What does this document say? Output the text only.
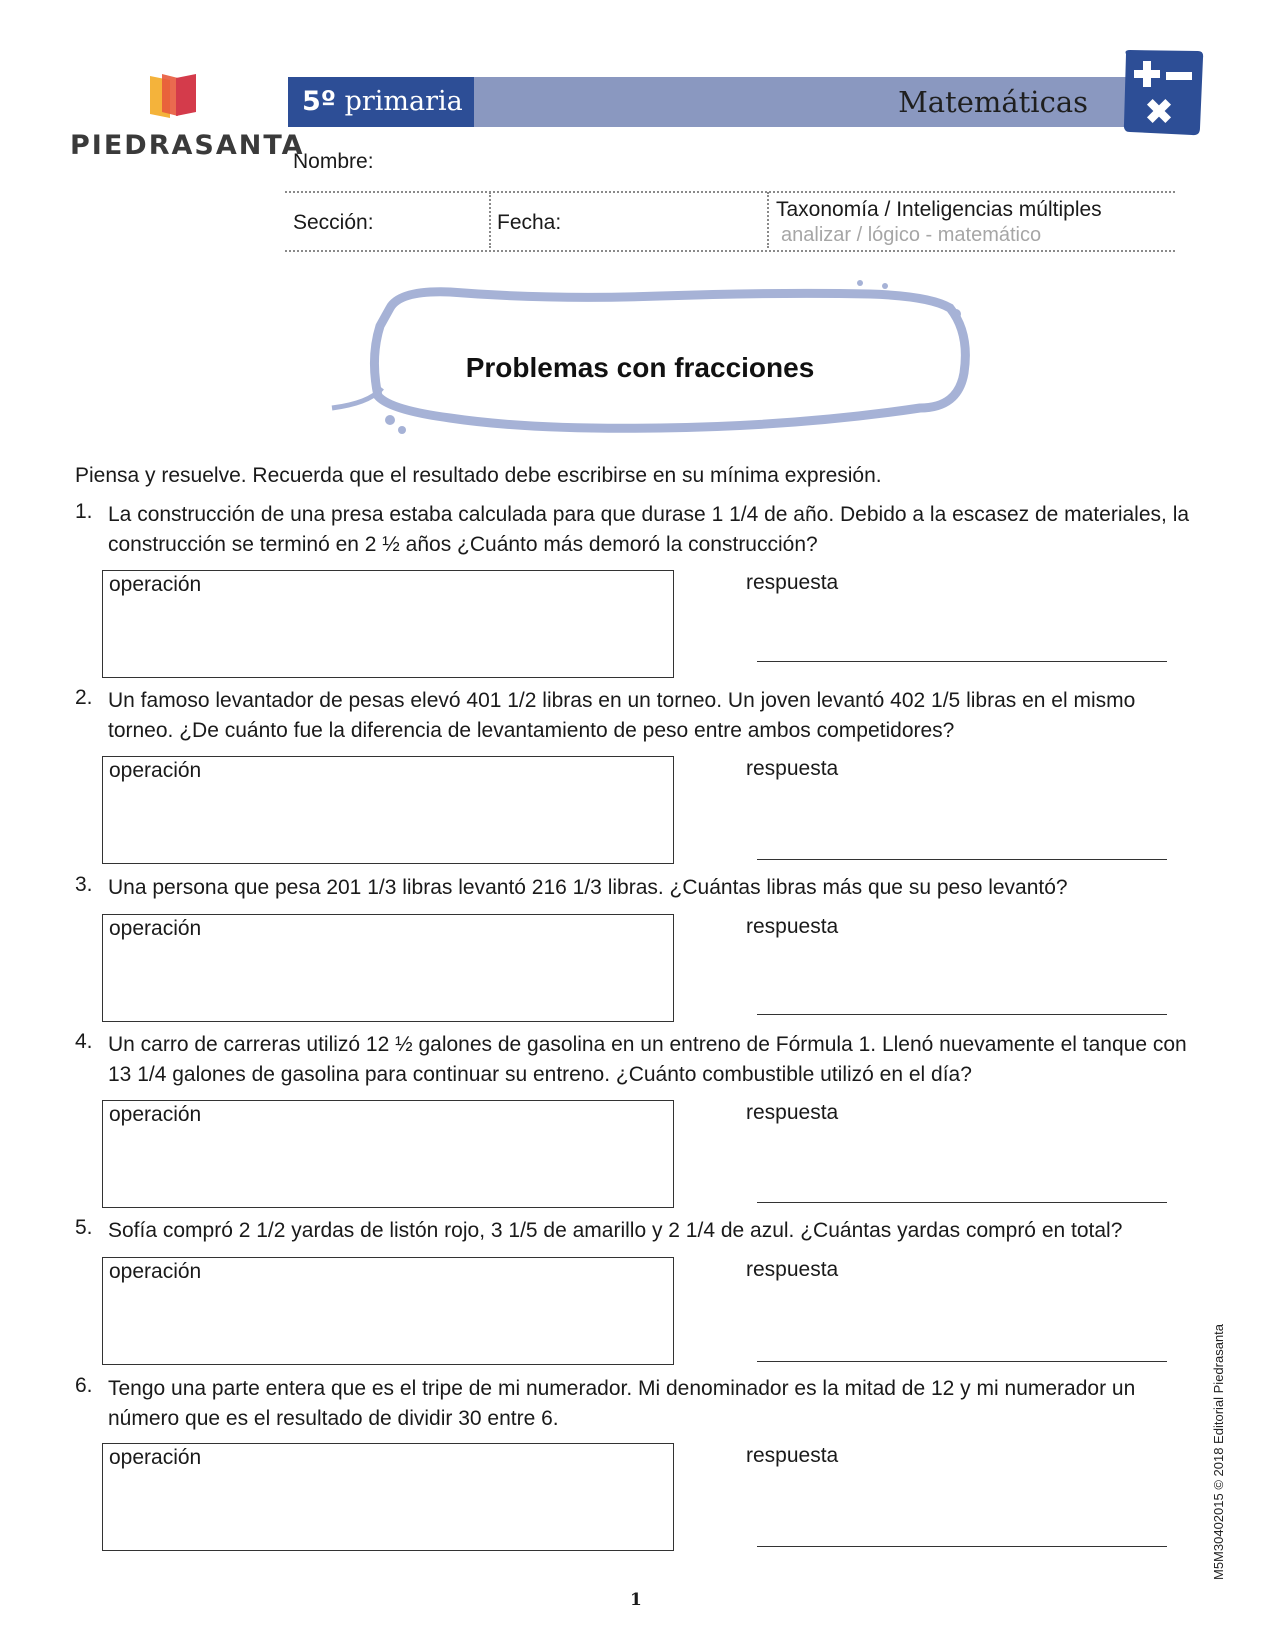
PIEDRASANTA
5º primaria	Matemáticas
Nombre:
Sección:	Fecha:
Taxonomía / Inteligencias múltiples
analizar / lógico - matemático
Problemas con fracciones
Piensa y resuelve. Recuerda que el resultado debe escribirse en su mínima expresión.
1. La construcción de una presa estaba calculada para que durase 1 1/4 de año. Debido a la escasez de materiales, la construcción se terminó en 2 ½ años ¿Cuánto más demoró la construcción?
operación	respuesta
2. Un famoso levantador de pesas elevó 401 1/2 libras en un torneo. Un joven levantó 402 1/5 libras en el mismo torneo. ¿De cuánto fue la diferencia de levantamiento de peso entre ambos competidores?
operación	respuesta
3. Una persona que pesa 201 1/3 libras levantó 216 1/3 libras. ¿Cuántas libras más que su peso levantó?
operación	respuesta
4. Un carro de carreras utilizó 12 ½ galones de gasolina en un entreno de Fórmula 1. Llenó nuevamente el tanque con 13 1/4 galones de gasolina para continuar su entreno. ¿Cuánto combustible utilizó en el día?
operación	respuesta
5. Sofía compró 2 1/2 yardas de listón rojo, 3 1/5 de amarillo y 2 1/4 de azul. ¿Cuántas yardas compró en total?
operación	respuesta
6. Tengo una parte entera que es el tripe de mi numerador. Mi denominador es la mitad de 12 y mi numerador un número que es el resultado de dividir 30 entre 6.
operación	respuesta
1
M5M30402015 © 2018 Editorial Piedrasanta
